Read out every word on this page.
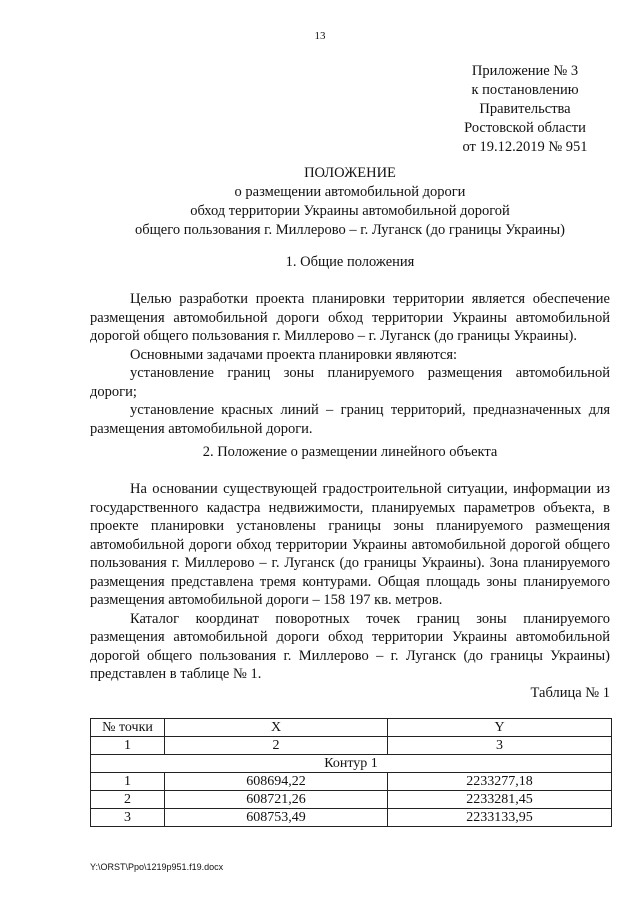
13
Приложение № 3
к постановлению
Правительства
Ростовской области
от 19.12.2019 № 951
ПОЛОЖЕНИЕ
о размещении автомобильной дороги
обход территории Украины автомобильной дорогой
общего пользования г. Миллерово – г. Луганск (до границы Украины)
1. Общие положения

Целью разработки проекта планировки территории является обеспечение размещения автомобильной дороги обход территории Украины автомобильной дорогой общего пользования г. Миллерово – г. Луганск (до границы Украины).

Основными задачами проекта планировки являются:

установление границ зоны планируемого размещения автомобильной дороги;

установление красных линий – границ территорий, предназначенных для размещения автомобильной дороги.

2. Положение о размещении линейного объекта

На основании существующей градостроительной ситуации, информации из государственного кадастра недвижимости, планируемых параметров объекта, в проекте планировки установлены границы зоны планируемого размещения автомобильной дороги обход территории Украины автомобильной дорогой общего пользования г. Миллерово – г. Луганск (до границы Украины). Зона планируемого размещения представлена тремя контурами. Общая площадь зоны планируемого размещения автомобильной дороги – 158 197 кв. метров.

Каталог координат поворотных точек границ зоны планируемого размещения автомобильной дороги обход территории Украины автомобильной дорогой общего пользования г. Миллерово – г. Луганск (до границы Украины) представлен в таблице № 1.

Таблица № 1
№ точки	X	Y
1	2	3
Контур 1		
1	608694,22	2233277,18
2	608721,26	2233281,45
3	608753,49	2233133,95
Y:\ORST\Ppo\1219p951.f19.docx
